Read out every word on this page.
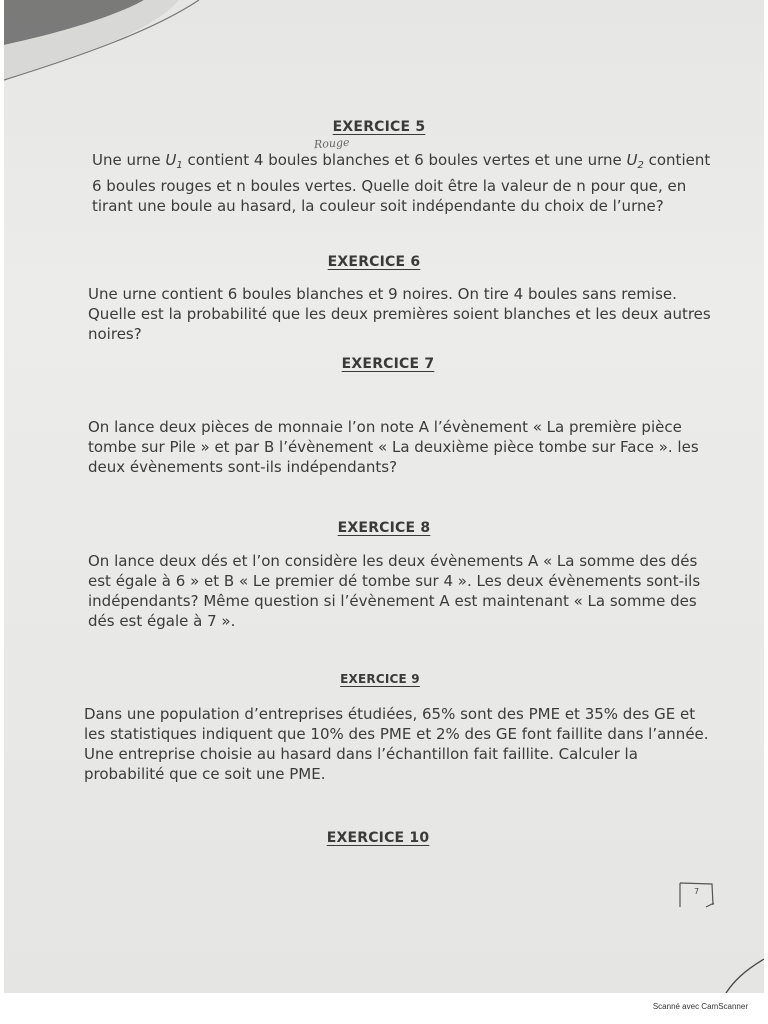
EXERCICE 5
Rouge
Une urne $U_1$ contient 4 boules blanches et 6 boules vertes et une urne $U_2$ contient
6 boules rouges et n boules vertes. Quelle doit être la valeur de n pour que, en
tirant une boule au hasard, la couleur soit indépendante du choix de l’urne?
EXERCICE 6
Une urne contient 6 boules blanches et 9 noires. On tire 4 boules sans remise.
Quelle est la probabilité que les deux premières soient blanches et les deux autres
noires?
EXERCICE 7
On lance deux pièces de monnaie l’on note A l’évènement « La première pièce
tombe sur Pile » et par B l’évènement « La deuxième pièce tombe sur Face ». les
deux évènements sont-ils indépendants?
EXERCICE 8
On lance deux dés et l’on considère les deux évènements A « La somme des dés
est égale à 6 » et B « Le premier dé tombe sur 4 ». Les deux évènements sont-ils
indépendants? Même question si l’évènement A est maintenant « La somme des
dés est égale à 7 ».
EXERCICE 9
Dans une population d’entreprises étudiées, 65% sont des PME et 35% des GE et
les statistiques indiquent que 10% des PME et 2% des GE font faillite dans l’année.
Une entreprise choisie au hasard dans l’échantillon fait faillite. Calculer la
probabilité que ce soit une PME.
EXERCICE 10
7
Scanné avec CamScanner
